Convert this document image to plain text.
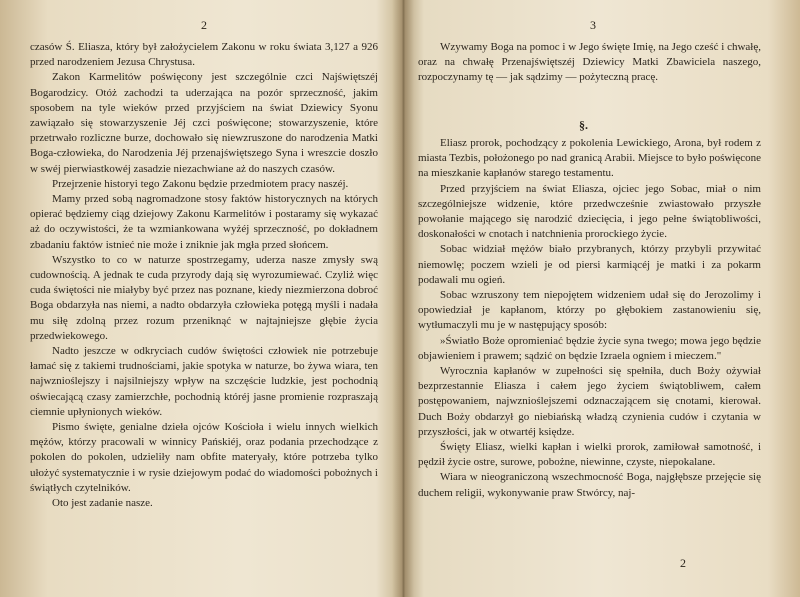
2

czasów Ś. Eliasza, który był założycielem Zakonu w roku świata 3,127 a 926 przed narodzeniem Jezusa Chrystusa.

Zakon Karmelitów poświęcony jest szczególnie czci Najświętszéj Bogarodzicy. Otóż zachodzi ta uderzająca na pozór sprzeczność, jakim sposobem na tyle wieków przed przyjściem na świat Dziewicy Syonu zawiązało się stowarzyszenie Jéj czci poświęcone; stowarzyszenie, które przetrwało rozliczne burze, dochowało się niewzruszone do narodzenia Matki Boga-człowieka, do Narodzenia Jéj przenajświętszego Syna i wreszcie doszło w swéj pierwiastkowéj zasadzie niezachwiane aż do naszych czasów.

Przejrzenie historyi tego Zakonu będzie przedmiotem pracy naszéj.

Mamy przed sobą nagromadzone stosy faktów historycznych na których opierać będziemy ciąg dziejowy Zakonu Karmelitów i postaramy się wykazać aż do oczywistości, że ta wzmiankowana wyżéj sprzeczność, po dokładnem zbadaniu faktów istnieć nie może i zniknie jak mgła przed słońcem.

Wszystko to co w naturze spostrzegamy, uderza nasze zmysły swą cudownością. A jednak te cuda przyrody dają się wyrozumiewać. Czyliż więc cuda świętości nie miałyby być przez nas poznane, kiedy niezmierzona dobroć Boga obdarzyła nas niemi, a nadto obdarzyła człowieka potęgą myśli i nadała mu siłę zdolną przez rozum przeniknąć w najtajniejsze głębie życia przedwiekowego.

Nadto jeszcze w odkryciach cudów świętości człowiek nie potrzebuje łamać się z takiemi trudnościami, jakie spotyka w naturze, bo żywa wiara, ten najwznioślejszy i najsilniejszy wpływ na szczęście ludzkie, jest pochodnią oświecającą czasy zamierzchłe, pochodnią któréj jasne promienie rozpraszają ciemnie upłynionych wieków.

Pismo święte, genialne dzieła ojców Kościoła i wielu innych wielkich mężów, którzy pracowali w winnicy Pańskiéj, oraz podania przechodzące z pokolen do pokolen, udzieliły nam obfite materyały, które potrzeba tylko ułożyć systematycznie i w rysie dziejowym podać do wiadomości pobożnych i świątłych czytelników.

Oto jest zadanie nasze.

3

Wzywamy Boga na pomoc i w Jego święte Imię, na Jego cześć i chwałę, oraz na chwałę Przenajświętszéj Dziewicy Matki Zbawiciela naszego, rozpoczynamy tę — jak sądzimy — pożyteczną pracę.

§.

Eliasz prorok, pochodzący z pokolenia Lewickiego, Arona, był rodem z miasta Tezbis, położonego po nad granicą Arabii. Miejsce to było poświęcone na mieszkanie kapłanów starego testamentu.

Przed przyjściem na świat Eliasza, ojciec jego Sobac, miał o nim szczególniejsze widzenie, które przedwcześnie zwiastowało przyszłe powołanie mającego się narodzić dziecięcia, i jego pełne świątobliwości, doskonałości w cnotach i natchnienia prorockiego życie.

Sobac widział mężów biało przybranych, którzy przybyli przywitać niemowlę; poczem wzieli je od piersi karmiącéj je matki i za pokarm podawali mu ogień.

Sobac wzruszony tem niepojętem widzeniem udał się do Jerozolimy i opowiedział je kapłanom, którzy po głębokiem zastanowieniu się, wytłumaczyli mu je w następujący sposób:

»Światło Boże opromieniać będzie życie syna twego; mowa jego będzie objawieniem i prawem; sądzić on będzie Izraela ogniem i mieczem."

Wyrocznia kapłanów w zupełności się spełniła, duch Boży ożywiał bezprzestannie Eliasza i całem jego życiem świątobliwem, całem postępowaniem, najwznioślejszemi odznaczającem się cnotami, kierował. Duch Boży obdarzył go niebiańską władzą czynienia cudów i czytania w przyszłości, jak w otwartéj księdze.

Święty Eliasz, wielki kapłan i wielki prorok, zamiłował samotność, i pędził życie ostre, surowe, pobożne, niewinne, czyste, niepokalane.

Wiara w nieograniczoną wszechmocność Boga, najgłębsze przejęcie się duchem religii, wykonywanie praw Stwórcy, naj-

2
